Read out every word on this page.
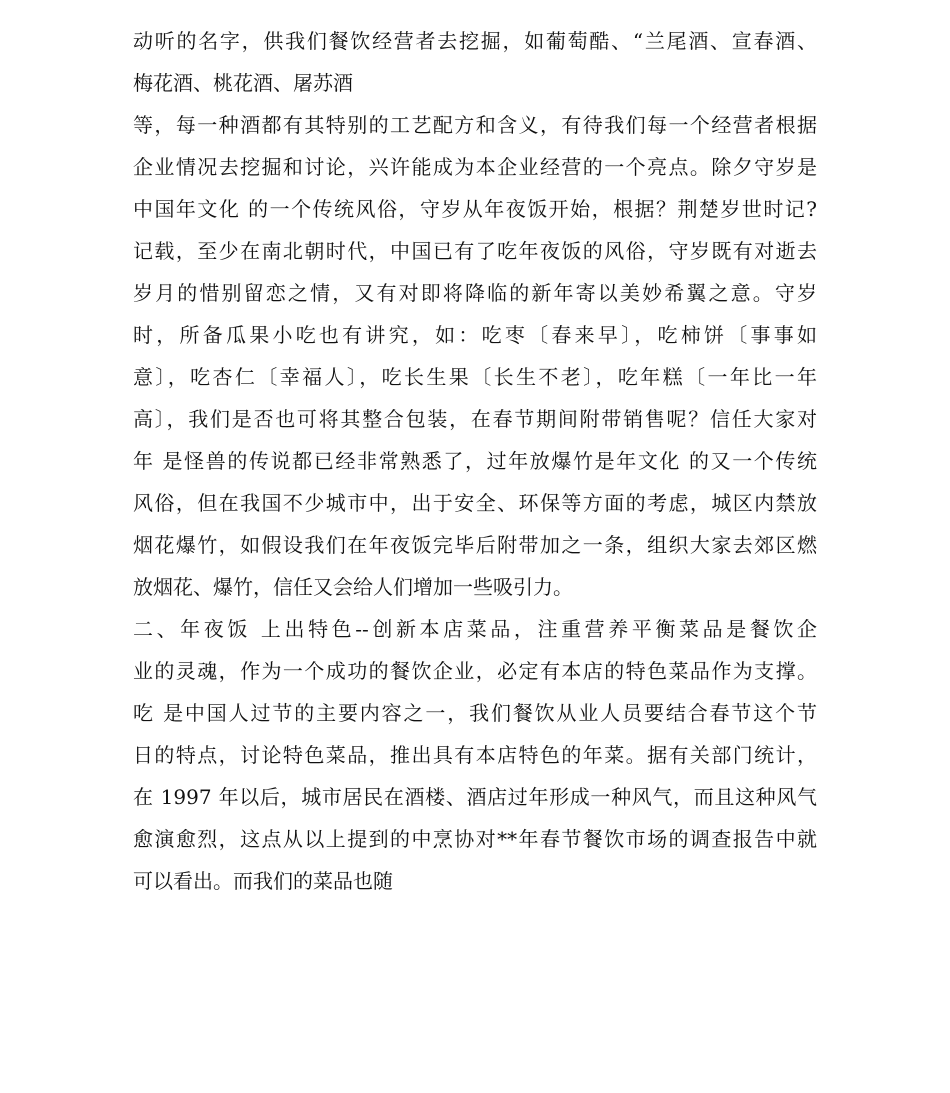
动听的名字，供我们餐饮经营者去挖掘，如葡萄酷、“兰尾酒、宣春酒、
梅花酒、桃花酒、屠苏酒
等，每一种酒都有其特别的工艺配方和含义，有待我们每一个经营者根据
企业情况去挖掘和讨论，兴许能成为本企业经营的一个亮点。除夕守岁是
中国年文化 的一个传统风俗，守岁从年夜饭开始，根据？荆楚岁世时记?
记载，至少在南北朝时代，中国已有了吃年夜饭的风俗，守岁既有对逝去
岁月的惜别留恋之情，又有对即将降临的新年寄以美妙希翼之意。守岁
时，所备瓜果小吃也有讲究，如：吃枣〔春来早〕，吃柿饼〔事事如
意〕，吃杏仁〔幸福人〕，吃长生果〔长生不老〕，吃年糕〔一年比一年
高〕，我们是否也可将其整合包装，在春节期间附带销售呢？信任大家对
年 是怪兽的传说都已经非常熟悉了，过年放爆竹是年文化 的又一个传统
风俗，但在我国不少城市中，出于安全、环保等方面的考虑，城区内禁放
烟花爆竹，如假设我们在年夜饭完毕后附带加之一条，组织大家去郊区燃
放烟花、爆竹，信任又会给人们增加一些吸引力。
二、年夜饭 上出特色--创新本店菜品，注重营养平衡菜品是餐饮企
业的灵魂，作为一个成功的餐饮企业，必定有本店的特色菜品作为支撑。
吃 是中国人过节的主要内容之一，我们餐饮从业人员要结合春节这个节
日的特点，讨论特色菜品，推出具有本店特色的年菜。据有关部门统计，
在 1997 年以后，城市居民在酒楼、酒店过年形成一种风气，而且这种风气
愈演愈烈，这点从以上提到的中烹协对**年春节餐饮市场的调查报告中就
可以看出。而我们的菜品也随
